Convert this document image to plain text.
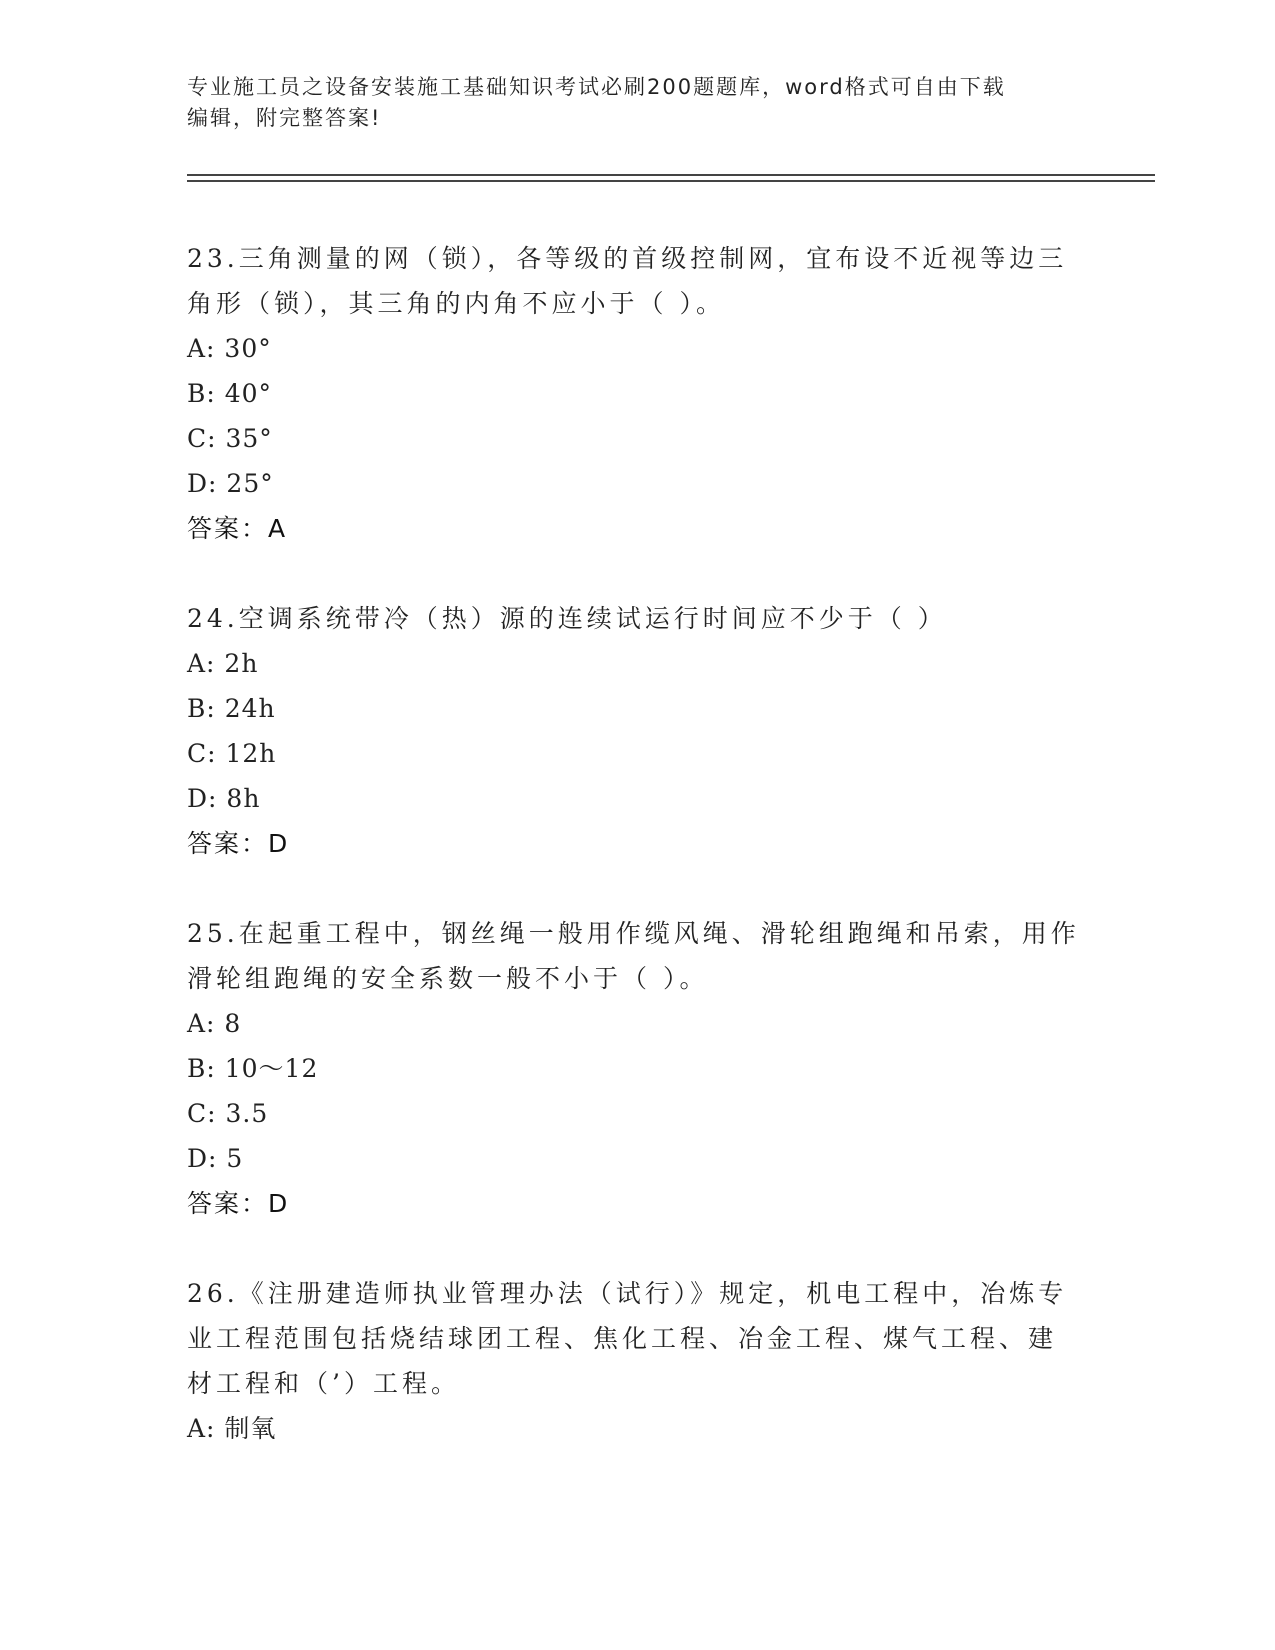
专业施工员之设备安装施工基础知识考试必刷200题题库，word格式可自由下载
编辑，附完整答案!

23.三角测量的网（锁），各等级的首级控制网，宜布设不近视等边三

角形（锁），其三角的内角不应小于（ ）。

A: 30°

B: 40°

C: 35°

D: 25°

答案：A

24.空调系统带冷（热）源的连续试运行时间应不少于（ ）

A: 2h

B: 24h

C: 12h

D: 8h

答案：D

25.在起重工程中，钢丝绳一般用作缆风绳、滑轮组跑绳和吊索，用作

滑轮组跑绳的安全系数一般不小于（ ）。

A: 8

B: 10～12

C: 3.5

D: 5

答案：D

26.《注册建造师执业管理办法（试行）》规定，机电工程中，冶炼专

业工程范围包括烧结球团工程、焦化工程、冶金工程、煤气工程、建

材工程和（’）工程。

A: 制氧
